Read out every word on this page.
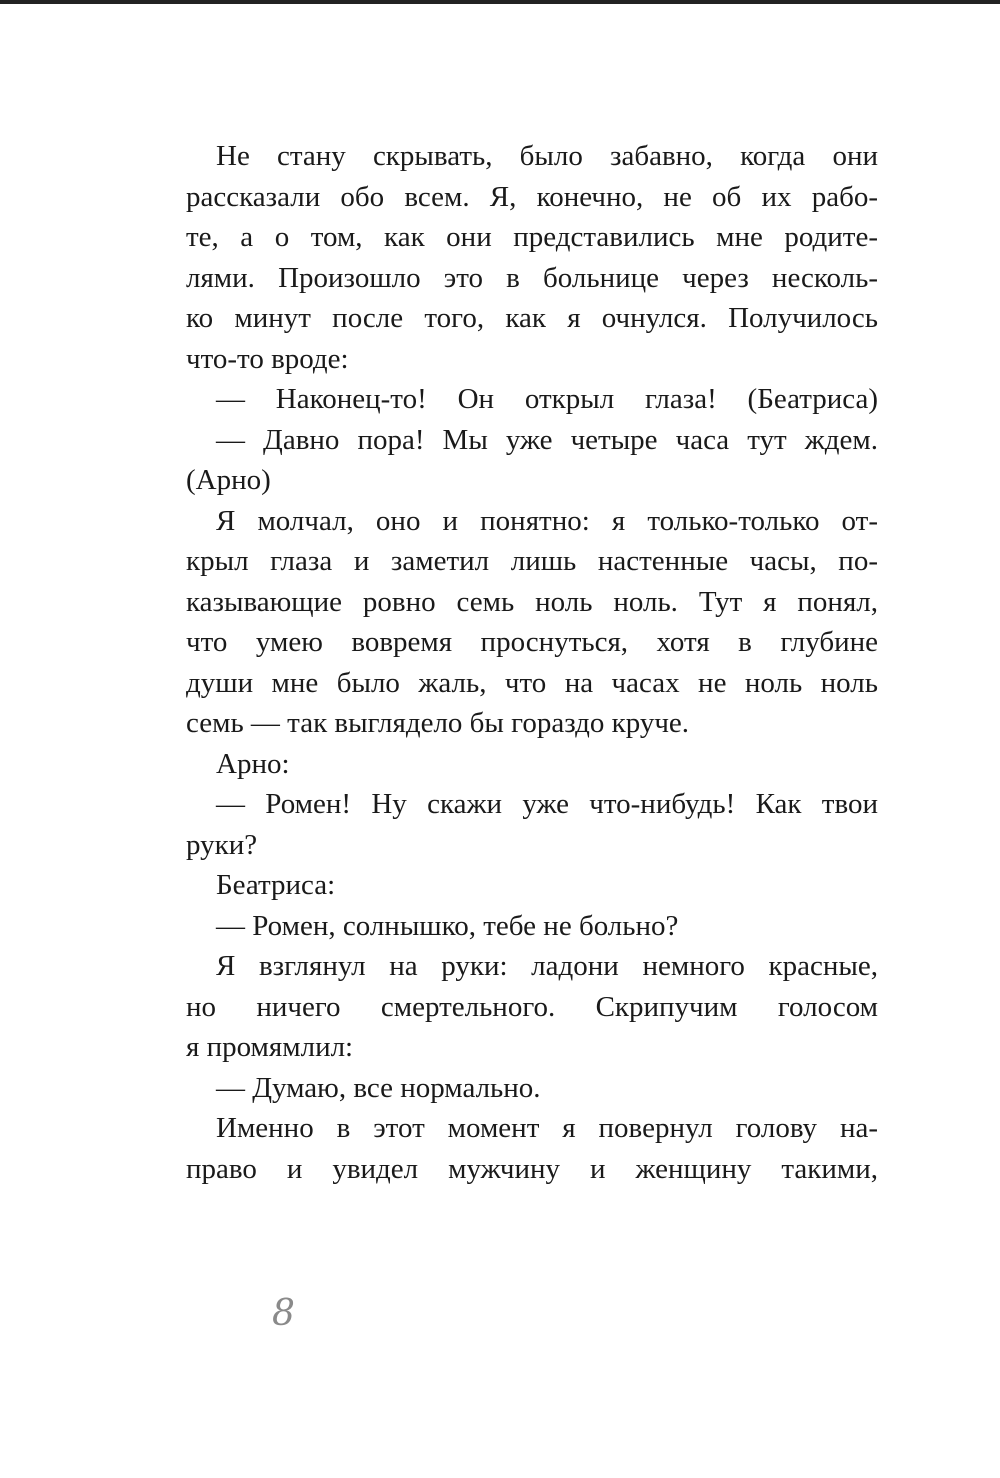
Не стану скрывать, было забавно, когда они
рассказали обо всем. Я, конечно, не об их рабо-
те, а о том, как они представились мне родите-
лями. Произошло это в больнице через несколь-
ко минут после того, как я очнулся. Получилось
что-то вроде:
— Наконец-то! Он открыл глаза! (Беатриса)
— Давно пора! Мы уже четыре часа тут ждем.
(Арно)
Я молчал, оно и понятно: я только-только от-
крыл глаза и заметил лишь настенные часы, по-
казывающие ровно семь ноль ноль. Тут я понял,
что умею вовремя проснуться, хотя в глубине
души мне было жаль, что на часах не ноль ноль
семь — так выглядело бы гораздо круче.
Арно:
— Ромен! Ну скажи уже что-нибудь! Как твои
руки?
Беатриса:
— Ромен, солнышко, тебе не больно?
Я взглянул на руки: ладони немного красные,
но ничего смертельного. Скрипучим голосом
я промямлил:
— Думаю, все нормально.
Именно в этот момент я повернул голову на-
право и увидел мужчину и женщину такими,
8
